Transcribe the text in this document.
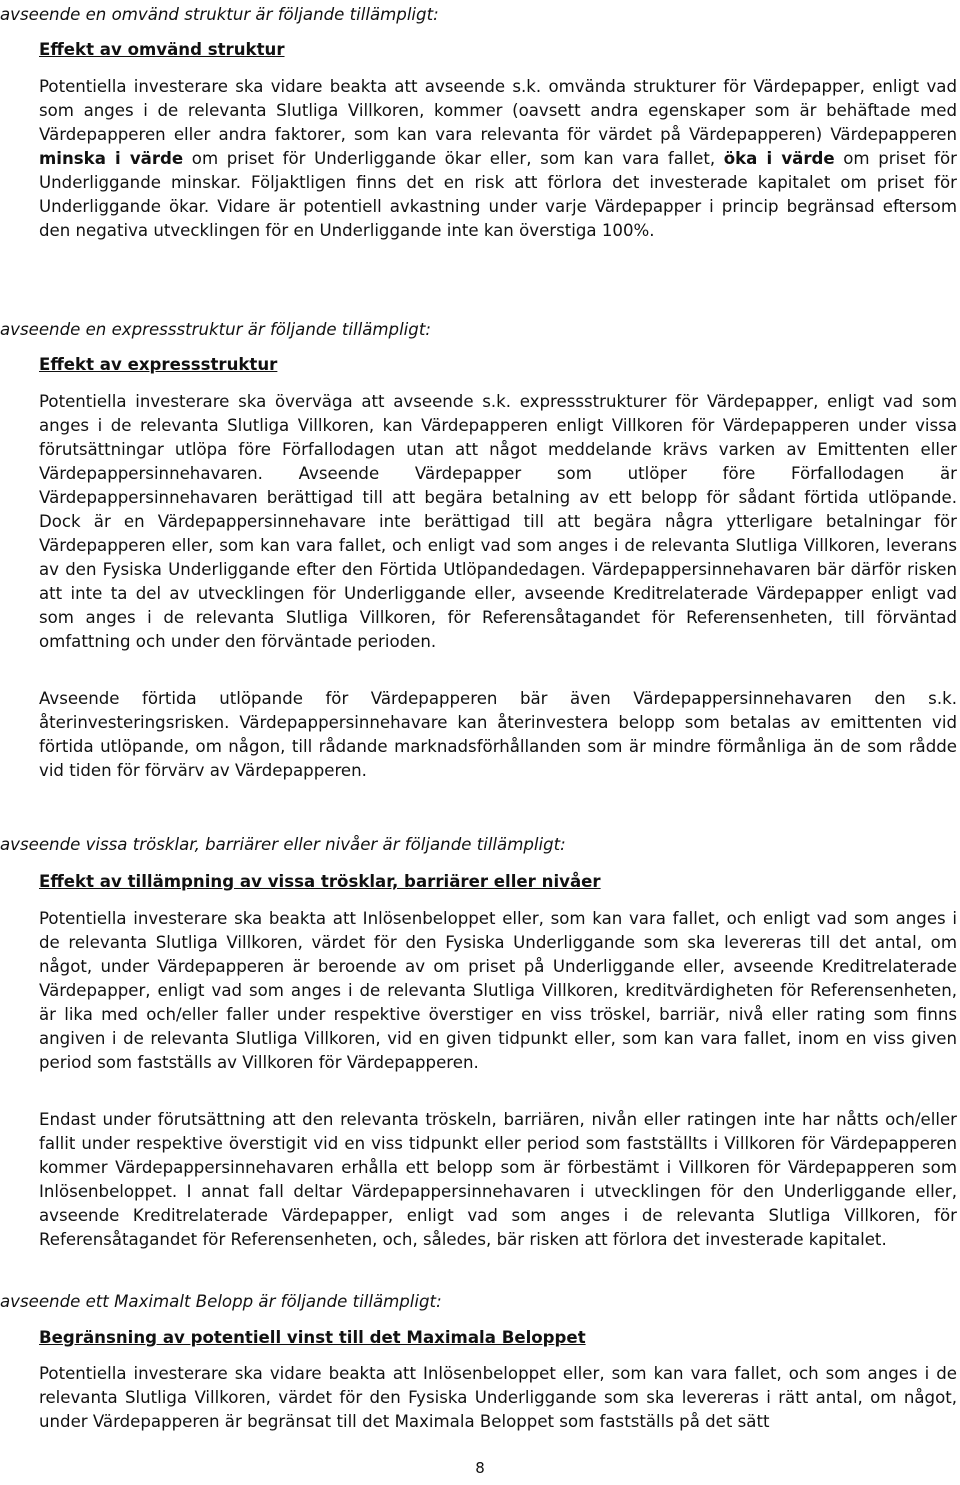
avseende en omvänd struktur är följande tillämpligt:
Effekt av omvänd struktur
Potentiella investerare ska vidare beakta att avseende s.k. omvända strukturer för Värdepapper, enligt vad som anges i de relevanta Slutliga Villkoren, kommer (oavsett andra egenskaper som är behäftade med Värdepapperen eller andra faktorer, som kan vara relevanta för värdet på Värdepapperen) Värdepapperen minska i värde om priset för Underliggande ökar eller, som kan vara fallet, öka i värde om priset för Underliggande minskar. Följaktligen finns det en risk att förlora det investerade kapitalet om priset för Underliggande ökar. Vidare är potentiell avkastning under varje Värdepapper i princip begränsad eftersom den negativa utvecklingen för en Underliggande inte kan överstiga 100%.
avseende en expressstruktur är följande tillämpligt:
Effekt av expressstruktur
Potentiella investerare ska överväga att avseende s.k. expressstrukturer för Värdepapper, enligt vad som anges i de relevanta Slutliga Villkoren, kan Värdepapperen enligt Villkoren för Värdepapperen under vissa förutsättningar utlöpa före Förfallodagen utan att något meddelande krävs varken av Emittenten eller Värdepappersinnehavaren. Avseende Värdepapper som utlöper före Förfallodagen är Värdepappersinnehavaren berättigad till att begära betalning av ett belopp för sådant förtida utlöpande. Dock är en Värdepappersinnehavare inte berättigad till att begära några ytterligare betalningar för Värdepapperen eller, som kan vara fallet, och enligt vad som anges i de relevanta Slutliga Villkoren, leverans av den Fysiska Underliggande efter den Förtida Utlöpandedagen. Värdepappersinnehavaren bär därför risken att inte ta del av utvecklingen för Underliggande eller, avseende Kreditrelaterade Värdepapper enligt vad som anges i de relevanta Slutliga Villkoren, för Referensåtagandet för Referensenheten, till förväntad omfattning och under den förväntade perioden.
Avseende förtida utlöpande för Värdepapperen bär även Värdepappersinnehavaren den s.k. återinvesteringsrisken. Värdepappersinnehavare kan återinvestera belopp som betalas av emittenten vid förtida utlöpande, om någon, till rådande marknadsförhållanden som är mindre förmånliga än de som rådde vid tiden för förvärv av Värdepapperen.
avseende vissa trösklar, barriärer eller nivåer är följande tillämpligt:
Effekt av tillämpning av vissa trösklar, barriärer eller nivåer
Potentiella investerare ska beakta att Inlösenbeloppet eller, som kan vara fallet, och enligt vad som anges i de relevanta Slutliga Villkoren, värdet för den Fysiska Underliggande som ska levereras till det antal, om något, under Värdepapperen är beroende av om priset på Underliggande eller, avseende Kreditrelaterade Värdepapper, enligt vad som anges i de relevanta Slutliga Villkoren, kreditvärdigheten för Referensenheten, är lika med och/eller faller under respektive överstiger en viss tröskel, barriär, nivå eller rating som finns angiven i de relevanta Slutliga Villkoren, vid en given tidpunkt eller, som kan vara fallet, inom en viss given period som fastställs av Villkoren för Värdepapperen.
Endast under förutsättning att den relevanta tröskeln, barriären, nivån eller ratingen inte har nåtts och/eller fallit under respektive överstigit vid en viss tidpunkt eller period som fastställts i Villkoren för Värdepapperen kommer Värdepappersinnehavaren erhålla ett belopp som är förbestämt i Villkoren för Värdepapperen som Inlösenbeloppet. I annat fall deltar Värdepappersinnehavaren i utvecklingen för den Underliggande eller, avseende Kreditrelaterade Värdepapper, enligt vad som anges i de relevanta Slutliga Villkoren, för Referensåtagandet för Referensenheten, och, således, bär risken att förlora det investerade kapitalet.
avseende ett Maximalt Belopp är följande tillämpligt:
Begränsning av potentiell vinst till det Maximala Beloppet
Potentiella investerare ska vidare beakta att Inlösenbeloppet eller, som kan vara fallet, och som anges i de relevanta Slutliga Villkoren, värdet för den Fysiska Underliggande som ska levereras i rätt antal, om något, under Värdepapperen är begränsat till det Maximala Beloppet som fastställs på det sätt
8
